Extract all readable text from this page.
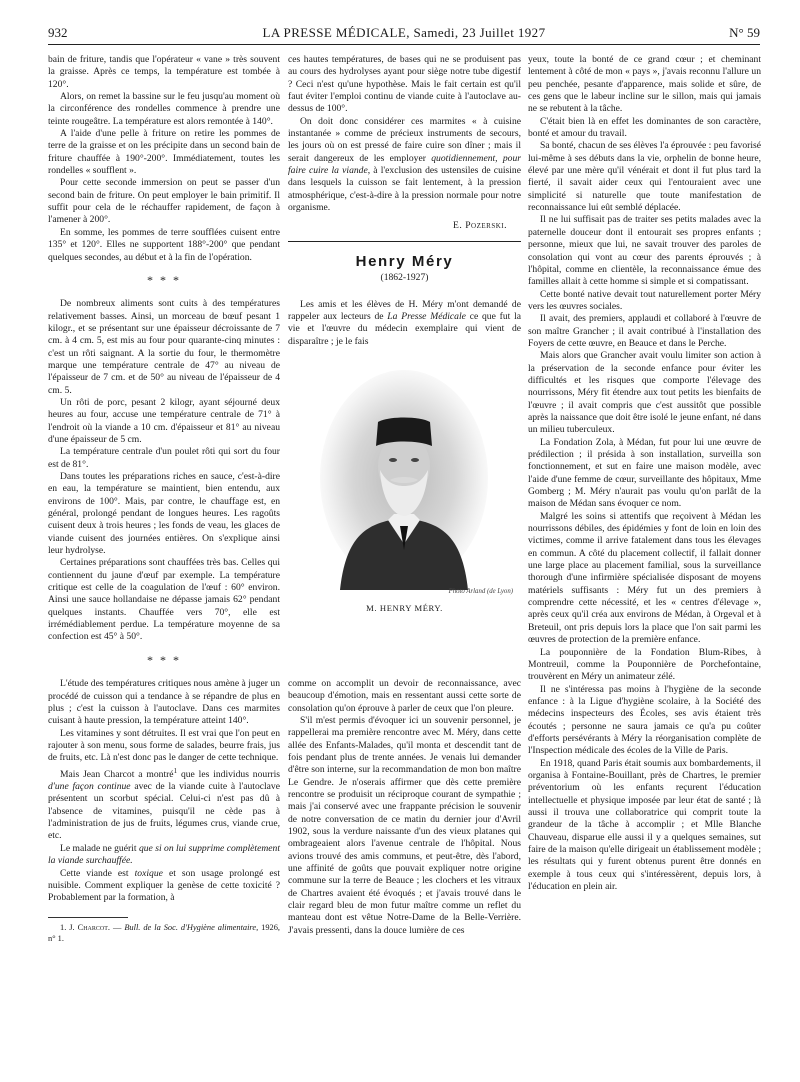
932	LA PRESSE MÉDICALE, Samedi, 23 Juillet 1927	N° 59

bain de friture, tandis que l'opérateur « vane » très souvent la graisse. Après ce temps, la température est tombée à 120°.

Alors, on remet la bassine sur le feu jusqu'au moment où la circonférence des rondelles commence à prendre une teinte rougeâtre. La température est alors remontée à 140°.

A l'aide d'une pelle à friture on retire les pommes de terre de la graisse et on les précipite dans un second bain de friture chauffée à 190°-200°. Immédiatement, toutes les rondelles « soufflent ».

Pour cette seconde immersion on peut se passer d'un second bain de friture. On peut employer le bain primitif. Il suffit pour cela de le réchauffer rapidement, de façon à l'amener à 200°.

En somme, les pommes de terre soufflées cuisent entre 135° et 120°. Elles ne supportent 188°-200° que pendant quelques secondes, au début et à la fin de l'opération.

* * *

De nombreux aliments sont cuits à des températures relativement basses. Ainsi, un morceau de bœuf pesant 1 kilogr., et se présentant sur une épaisseur décroissante de 7 cm. à 4 cm. 5, est mis au four pour quarante-cinq minutes : c'est un rôti saignant. A la sortie du four, le thermomètre marque une température centrale de 47° au niveau de l'épaisseur de 7 cm. et de 50° au niveau de l'épaisseur de 4 cm. 5.

Un rôti de porc, pesant 2 kilogr, ayant séjourné deux heures au four, accuse une température centrale de 71° à l'endroit où la viande a 10 cm. d'épaisseur et 81° au niveau d'une épaisseur de 5 cm.

La température centrale d'un poulet rôti qui sort du four est de 81°.

Dans toutes les préparations riches en sauce, c'est-à-dire en eau, la température se maintient, bien entendu, aux environs de 100°. Mais, par contre, le chauffage est, en général, prolongé pendant de longues heures. Les ragoûts cuisent deux à trois heures ; les fonds de veau, les glaces de viande cuisent des journées entières. On s'explique ainsi leur hydrolyse.

Certaines préparations sont chauffées très bas. Celles qui contiennent du jaune d'œuf par exemple. La température critique est celle de la coagulation de l'œuf : 60° environ. Ainsi une sauce hollandaise ne dépasse jamais 62° pendant quelques instants. Chauffée vers 70°, elle est irrémédiablement perdue. La température moyenne de sa confection est 45° à 50°.

* * *

L'étude des températures critiques nous amène à juger un procédé de cuisson qui a tendance à se répandre de plus en plus ; c'est la cuisson à l'autoclave. Dans ces marmites cuisant à haute pression, la température atteint 140°.

Les vitamines y sont détruites. Il est vrai que l'on peut en rajouter à son menu, sous forme de salades, beurre frais, jus de fruits, etc. Là n'est donc pas le danger de cette technique.

Mais Jean Charcot a montré$^1$ que les individus nourris d'une façon continue avec de la viande cuite à l'autoclave présentent un scorbut spécial. Celui-ci n'est pas dû à l'absence de vitamines, puisqu'il ne cède pas à l'administration de jus de fruits, légumes crus, viande crue, etc.

Le malade ne guérit que si on lui supprime complètement la viande surchauffée.

Cette viande est toxique et son usage prolongé est nuisible. Comment expliquer la genèse de cette toxicité ? Probablement par la formation, à

1. J. Charcot. — Bull. de la Soc. d'Hygiène alimentaire, 1926, n° 1.

ces hautes températures, de bases qui ne se produisent pas au cours des hydrolyses ayant pour siège notre tube digestif ? Ceci n'est qu'une hypothèse. Mais le fait certain est qu'il faut éviter l'emploi continu de viande cuite à l'autoclave au-dessus de 100°.

On doit donc considérer ces marmites « à cuisine instantanée » comme de précieux instruments de secours, les jours où on est pressé de faire cuire son dîner ; mais il serait dangereux de les employer quotidiennement, pour faire cuire la viande, à l'exclusion des ustensiles de cuisine dans lesquels la cuisson se fait lentement, à la pression atmosphérique, c'est-à-dire à la pression normale pour notre organisme.

E. Pozerski.
Henry Méry
(1862-1927)

Les amis et les élèves de H. Méry m'ont demandé de rappeler aux lecteurs de La Presse Médicale ce que fut la vie et l'œuvre du médecin exemplaire qui vient de disparaître ; je le fais

Photo Arland (de Lyon)
M. HENRY MÉRY.

comme on accomplit un devoir de reconnaissance, avec beaucoup d'émotion, mais en ressentant aussi cette sorte de consolation qu'on éprouve à parler de ceux que l'on pleure.

S'il m'est permis d'évoquer ici un souvenir personnel, je rappellerai ma première rencontre avec M. Méry, dans cette allée des Enfants-Malades, qu'il monta et descendit tant de fois pendant plus de trente années. Je venais lui demander d'être son interne, sur la recommandation de mon bon maître Le Gendre. Je n'oserais affirmer que dès cette première rencontre se produisit un réciproque courant de sympathie ; mais j'ai conservé avec une frappante précision le souvenir de notre conversation de ce matin du dernier jour d'Avril 1902, sous la verdure naissante d'un des vieux platanes qui ombrageaient alors l'avenue centrale de l'hôpital. Nous avions trouvé des amis communs, et peut-être, dès l'abord, une affinité de goûts que pouvait expliquer notre origine commune sur la terre de Beauce ; les clochers et les vitraux de Chartres avaient été évoqués ; et j'avais trouvé dans le clair regard bleu de mon futur maître comme un reflet du manteau dont est vêtue Notre-Dame de la Belle-Verrière. J'avais pressenti, dans la douce lumière de ces

yeux, toute la bonté de ce grand cœur ; et cheminant lentement à côté de mon « pays », j'avais reconnu l'allure un peu penchée, pesante d'apparence, mais solide et sûre, de ces gens que le labeur incline sur le sillon, mais qui jamais ne se rebutent à la tâche.

C'était bien là en effet les dominantes de son caractère, bonté et amour du travail.

Sa bonté, chacun de ses élèves l'a éprouvée : peu favorisé lui-même à ses débuts dans la vie, orphelin de bonne heure, élevé par une mère qu'il vénérait et dont il fut plus tard la fierté, il savait aider ceux qui l'entouraient avec une simplicité si naturelle que toute manifestation de reconnaissance lui eût semblé déplacée.

Il ne lui suffisait pas de traiter ses petits malades avec la paternelle douceur dont il entourait ses propres enfants ; personne, mieux que lui, ne savait trouver des paroles de consolation qui vont au cœur des parents éprouvés ; à l'hôpital, comme en clientèle, la reconnaissance émue des familles allait à cette homme si simple et si compatissant.

Cette bonté native devait tout naturellement porter Méry vers les œuvres sociales.

Il avait, des premiers, applaudi et collaboré à l'œuvre de son maître Grancher ; il avait contribué à l'installation des Foyers de cette œuvre, en Beauce et dans le Perche.

Mais alors que Grancher avait voulu limiter son action à la préservation de la seconde enfance pour éviter les difficultés et les risques que comporte l'élevage des nourrissons, Méry fit étendre aux tout petits les bienfaits de l'œuvre ; il avait compris que c'est aussitôt que possible après la naissance que doit être isolé le jeune enfant, né dans un milieu tuberculeux.

La Fondation Zola, à Médan, fut pour lui une œuvre de prédilection ; il présida à son installation, surveilla son fonctionnement, et sut en faire une maison modèle, avec l'aide d'une femme de cœur, surveillante des hôpitaux, Mme Gomberg ; M. Méry n'aurait pas voulu qu'on parlât de la maison de Médan sans évoquer ce nom.

Malgré les soins si attentifs que reçoivent à Médan les nourrissons débiles, des épidémies y font de loin en loin des victimes, comme il arrive fatalement dans tous les élevages en commun. A côté du placement collectif, il fallait donner une large place au placement familial, sous la surveillance thorough d'une infirmière spécialisée disposant de moyens matériels suffisants : Méry fut un des premiers à comprendre cette nécessité, et les « centres d'élevage », après ceux qu'il créa aux environs de Médan, à Orgeval et à Breteuil, ont pris depuis lors la place que l'on sait parmi les œuvres de protection de la première enfance.

La pouponnière de la Fondation Blum-Ribes, à Montreuil, comme la Pouponnière de Porchefontaine, trouvèrent en Méry un animateur zélé.

Il ne s'intéressa pas moins à l'hygiène de la seconde enfance : à la Ligue d'hygiène scolaire, à la Société des médecins inspecteurs des Écoles, ses avis étaient très écoutés ; personne ne saura jamais ce qu'a pu coûter d'efforts persévérants à Méry la réorganisation complète de l'Inspection médicale des écoles de la Ville de Paris.

En 1918, quand Paris était soumis aux bombardements, il organisa à Fontaine-Bouillant, près de Chartres, le premier préventorium où les enfants reçurent l'éducation intellectuelle et physique imposée par leur état de santé ; là aussi il trouva une collaboratrice qui comprit toute la grandeur de la tâche à accomplir ; et Mlle Blanche Chauveau, disparue elle aussi il y a quelques semaines, sut faire de la maison qu'elle dirigeait un établissement modèle ; les résultats qui y furent obtenus purent être donnés en exemple à tous ceux qui s'intéressèrent, depuis lors, à l'éducation en plein air.
